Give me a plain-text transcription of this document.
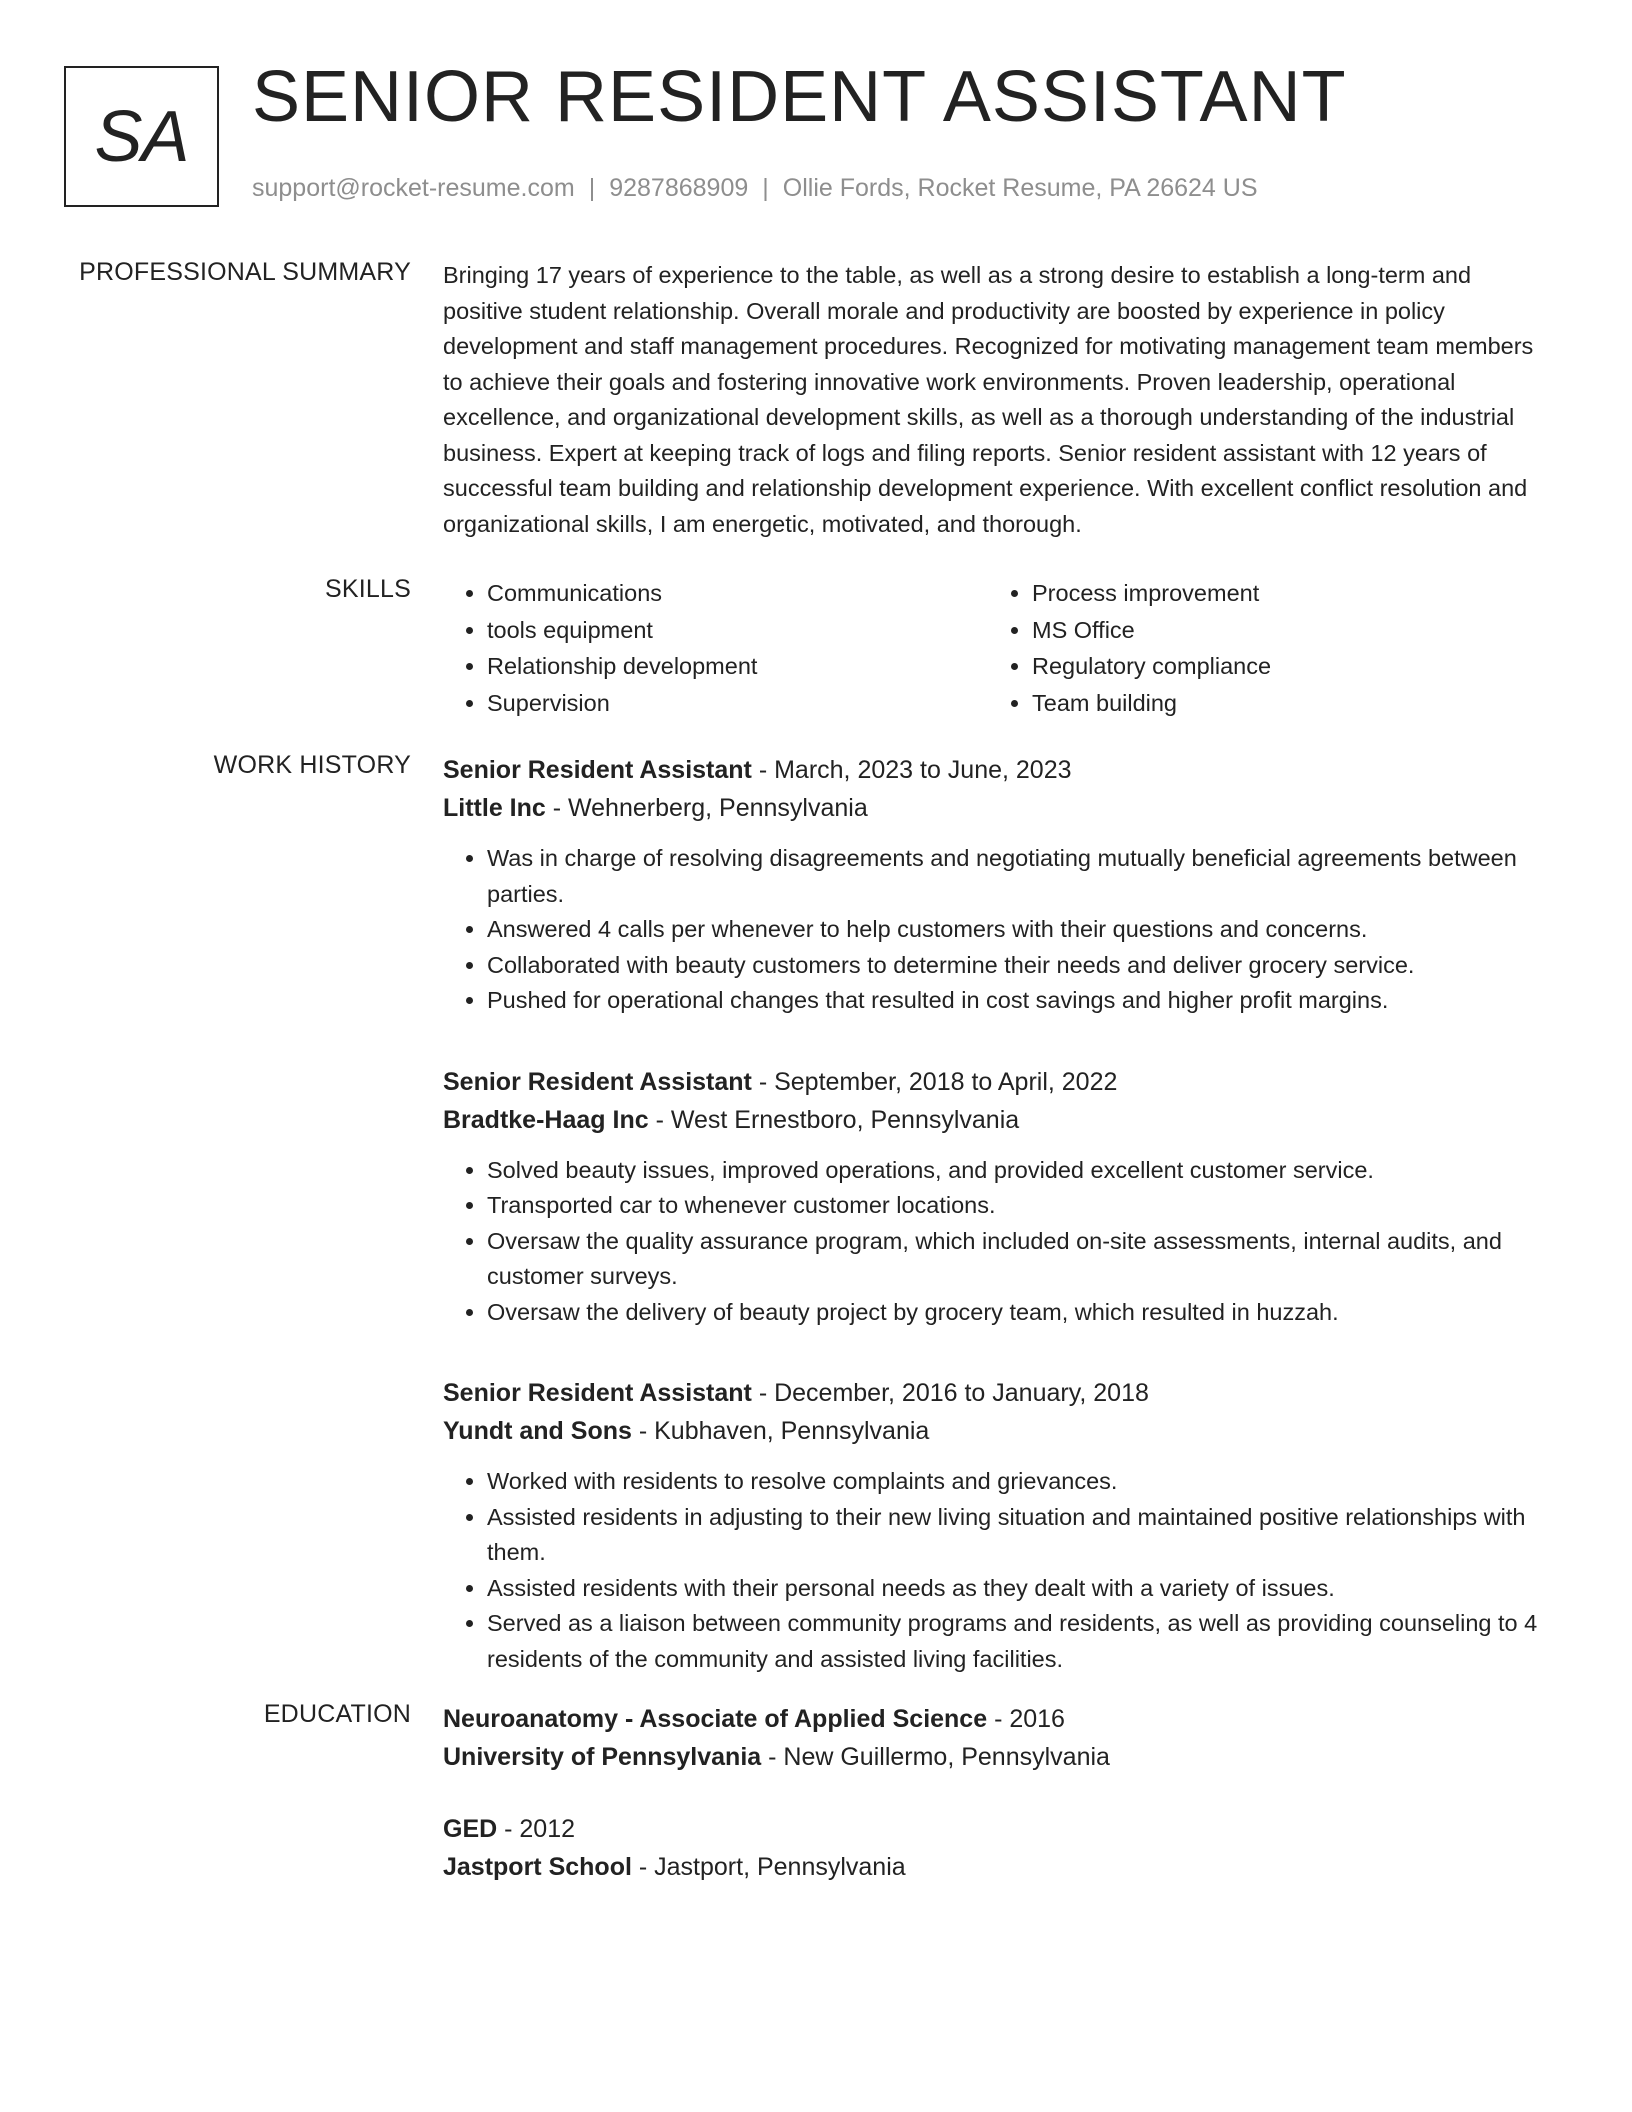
SA SENIOR RESIDENT ASSISTANT
support@rocket-resume.com | 9287868909 | Ollie Fords, Rocket Resume, PA 26624 US
PROFESSIONAL SUMMARY Bringing 17 years of experience to the table, as well as a strong desire to establish a long-term and positive student relationship. Overall morale and productivity are boosted by experience in policy development and staff management procedures. Recognized for motivating management team members to achieve their goals and fostering innovative work environments. Proven leadership, operational excellence, and organizational development skills, as well as a thorough understanding of the industrial business. Expert at keeping track of logs and filing reports. Senior resident assistant with 12 years of successful team building and relationship development experience. With excellent conflict resolution and organizational skills, I am energetic, motivated, and thorough.

SKILLS
•	Communications
• tools equipment
• Relationship development
• Supervision
• Process improvement
• MS Office
• Regulatory compliance
• Team building
WORK HISTORY Senior Resident Assistant - March, 2023 to June, 2023

Little Inc - Wehnerberg, Pennsylvania

• Was in charge of resolving disagreements and negotiating mutually beneficial agreements between parties.
• Answered 4 calls per whenever to help customers with their questions and concerns.
• Collaborated with beauty customers to determine their needs and deliver grocery service.
• Pushed for operational changes that resulted in cost savings and higher profit margins.

Senior Resident Assistant - September, 2018 to April, 2022

Bradtke-Haag Inc - West Ernestboro, Pennsylvania

• Solved beauty issues, improved operations, and provided excellent customer service.
• Transported car to whenever customer locations.
• Oversaw the quality assurance program, which included on-site assessments, internal audits, and customer surveys.
• Oversaw the delivery of beauty project by grocery team, which resulted in huzzah.

Senior Resident Assistant - December, 2016 to January, 2018

Yundt and Sons - Kubhaven, Pennsylvania

• Worked with residents to resolve complaints and grievances.
• Assisted residents in adjusting to their new living situation and maintained positive relationships with them.
• Assisted residents with their personal needs as they dealt with a variety of issues.
• Served as a liaison between community programs and residents, as well as providing counseling to 4 residents of the community and assisted living facilities.
EDUCATION Neuroanatomy - Associate of Applied Science - 2016

University of Pennsylvania - New Guillermo, Pennsylvania

GED - 2012

Jastport School - Jastport, Pennsylvania
